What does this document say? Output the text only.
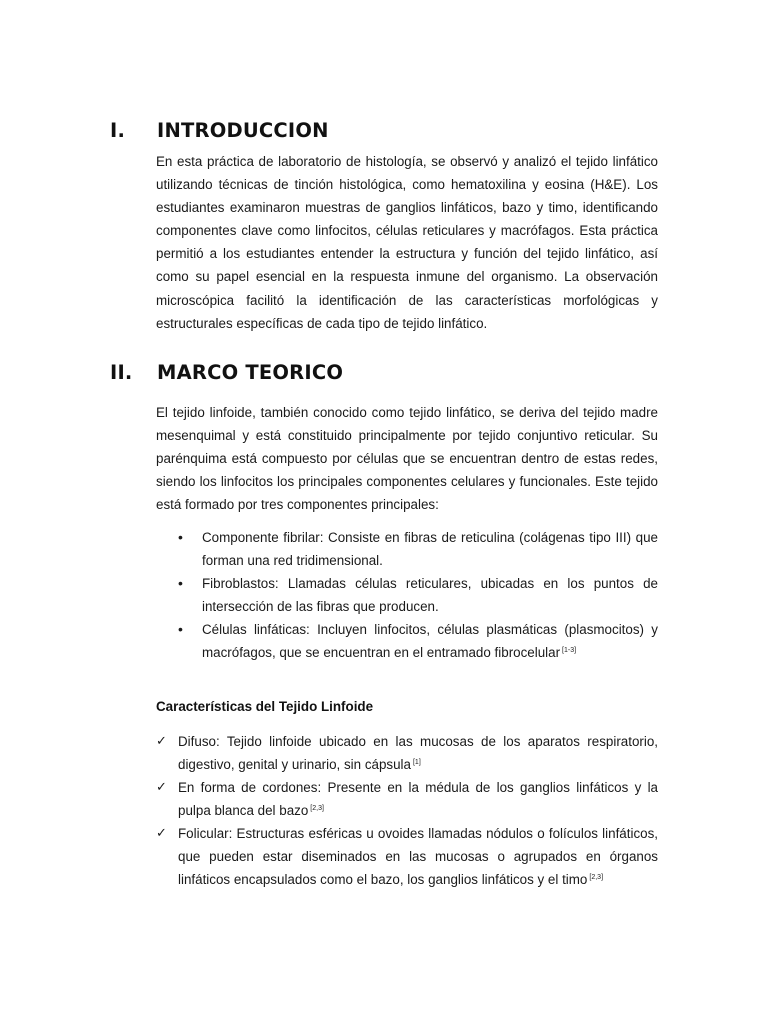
I. INTRODUCCION

En esta práctica de laboratorio de histología, se observó y analizó el tejido linfático utilizando técnicas de tinción histológica, como hematoxilina y eosina (H&E). Los estudiantes examinaron muestras de ganglios linfáticos, bazo y timo, identificando componentes clave como linfocitos, células reticulares y macrófagos. Esta práctica permitió a los estudiantes entender la estructura y función del tejido linfático, así como su papel esencial en la respuesta inmune del organismo. La observación microscópica facilitó la identificación de las características morfológicas y estructurales específicas de cada tipo de tejido linfático.

II. MARCO TEORICO

El tejido linfoide, también conocido como tejido linfático, se deriva del tejido madre mesenquimal y está constituido principalmente por tejido conjuntivo reticular. Su parénquima está compuesto por células que se encuentran dentro de estas redes, siendo los linfocitos los principales componentes celulares y funcionales. Este tejido está formado por tres componentes principales:

• Componente fibrilar: Consiste en fibras de reticulina (colágenas tipo III) que forman una red tridimensional.
• Fibroblastos: Llamadas células reticulares, ubicadas en los puntos de intersección de las fibras que producen.
• Células linfáticas: Incluyen linfocitos, células plasmáticas (plasmocitos) y macrófagos, que se encuentran en el entramado fibrocelular [1-3]
Características del Tejido Linfoide
✓ Difuso: Tejido linfoide ubicado en las mucosas de los aparatos respiratorio, digestivo, genital y urinario, sin cápsula [1]
✓ En forma de cordones: Presente en la médula de los ganglios linfáticos y la pulpa blanca del bazo [2,3]
✓ Folicular: Estructuras esféricas u ovoides llamadas nódulos o folículos linfáticos, que pueden estar diseminados en las mucosas o agrupados en órganos linfáticos encapsulados como el bazo, los ganglios linfáticos y el timo [2,3]
